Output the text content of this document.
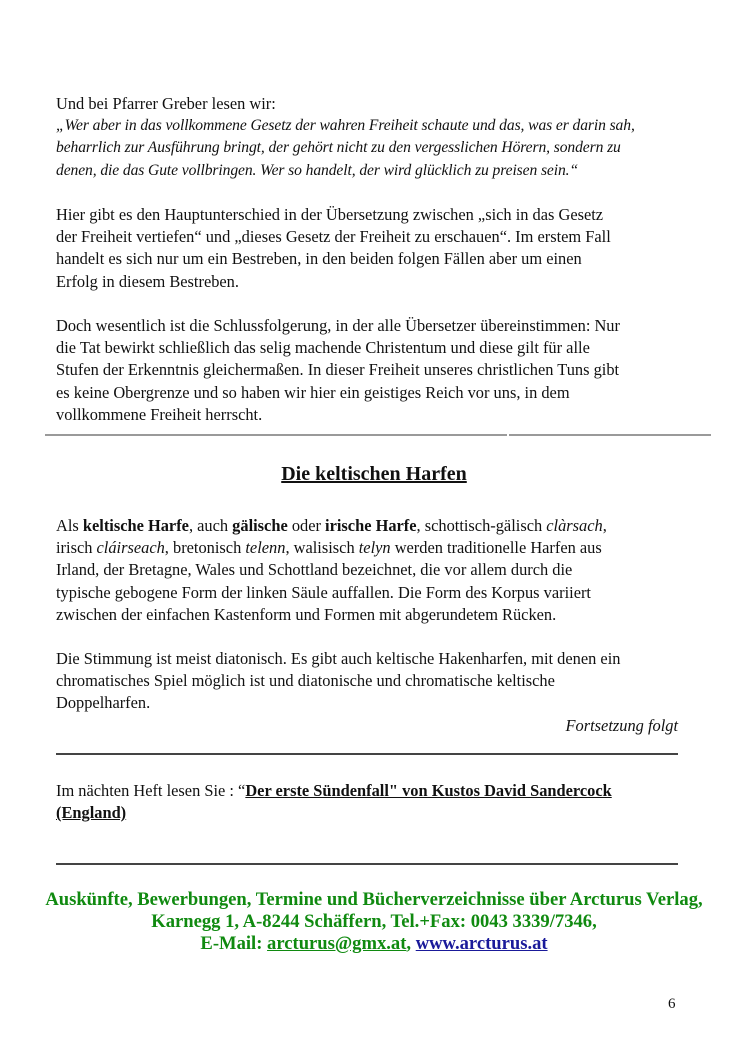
Und bei Pfarrer Greber lesen wir:

„Wer aber in das vollkommene Gesetz der wahren Freiheit schaute und das, was er darin sah,

beharrlich zur Ausführung bringt, der gehört nicht zu den vergesslichen Hörern, sondern zu

denen, die das Gute vollbringen. Wer so handelt, der wird glücklich zu preisen sein.“

Hier gibt es den Hauptunterschied in der Übersetzung zwischen „sich in das Gesetz

der Freiheit vertiefen“ und „dieses Gesetz der Freiheit zu erschauen“. Im erstem Fall

handelt es sich nur um ein Bestreben, in den beiden folgen Fällen aber um einen

Erfolg in diesem Bestreben.

Doch wesentlich ist die Schlussfolgerung, in der alle Übersetzer übereinstimmen: Nur

die Tat bewirkt schließlich das selig machende Christentum und diese gilt für alle

Stufen der Erkenntnis gleichermaßen. In dieser Freiheit unseres christlichen Tuns gibt

es keine Obergrenze und so haben wir hier ein geistiges Reich vor uns, in dem

vollkommene Freiheit herrscht.

Die keltischen Harfen

Als keltische Harfe, auch gälische oder irische Harfe, schottisch-gälisch clàrsach,

irisch cláirseach, bretonisch telenn, walisisch telyn werden traditionelle Harfen aus

Irland, der Bretagne, Wales und Schottland bezeichnet, die vor allem durch die

typische gebogene Form der linken Säule auffallen. Die Form des Korpus variiert

zwischen der einfachen Kastenform und Formen mit abgerundetem Rücken.

Die Stimmung ist meist diatonisch. Es gibt auch keltische Hakenharfen, mit denen ein

chromatisches Spiel möglich ist und diatonische und chromatische keltische

Doppelharfen.

Fortsetzung folgt

Im nächten Heft lesen Sie : “Der erste Sündenfall" von Kustos David Sandercock

(England)

Auskünfte, Bewerbungen, Termine und Bücherverzeichnisse über Arcturus Verlag,
Karnegg 1, A-8244 Schäffern, Tel.+Fax: 0043 3339/7346,
E-Mail: arcturus@gmx.at, www.arcturus.at
6
